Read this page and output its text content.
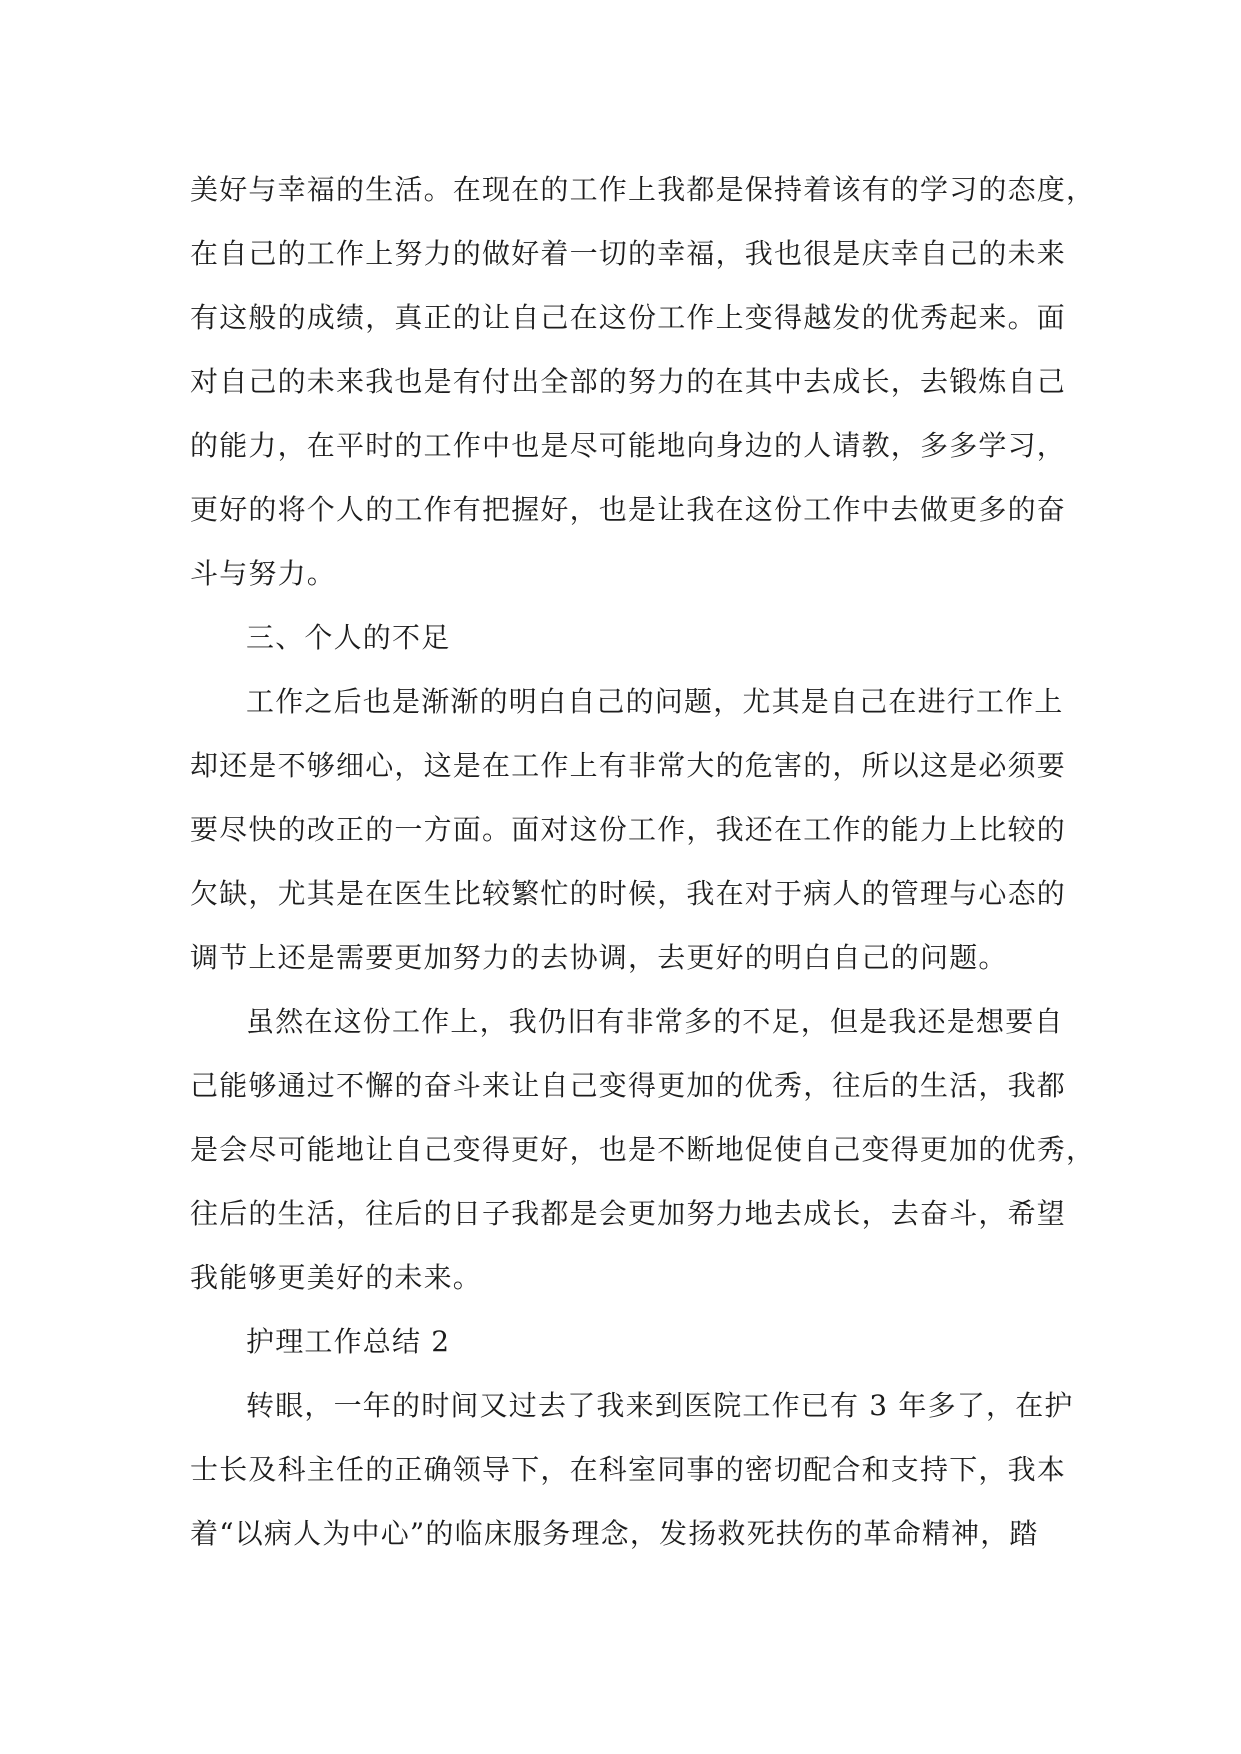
美好与幸福的生活。在现在的工作上我都是保持着该有的学习的态度，
在自己的工作上努力的做好着一切的幸福，我也很是庆幸自己的未来
有这般的成绩，真正的让自己在这份工作上变得越发的优秀起来。面
对自己的未来我也是有付出全部的努力的在其中去成长，去锻炼自己
的能力，在平时的工作中也是尽可能地向身边的人请教，多多学习，
更好的将个人的工作有把握好，也是让我在这份工作中去做更多的奋
斗与努力。
三、个人的不足
工作之后也是渐渐的明白自己的问题，尤其是自己在进行工作上
却还是不够细心，这是在工作上有非常大的危害的，所以这是必须要
要尽快的改正的一方面。面对这份工作，我还在工作的能力上比较的
欠缺，尤其是在医生比较繁忙的时候，我在对于病人的管理与心态的
调节上还是需要更加努力的去协调，去更好的明白自己的问题。
虽然在这份工作上，我仍旧有非常多的不足，但是我还是想要自
己能够通过不懈的奋斗来让自己变得更加的优秀，往后的生活，我都
是会尽可能地让自己变得更好，也是不断地促使自己变得更加的优秀，
往后的生活，往后的日子我都是会更加努力地去成长，去奋斗，希望
我能够更美好的未来。
护理工作总结 2
转眼，一年的时间又过去了我来到医院工作已有 3 年多了，在护
士长及科主任的正确领导下，在科室同事的密切配合和支持下，我本
着“以病人为中心”的临床服务理念，发扬救死扶伤的革命精神，踏
